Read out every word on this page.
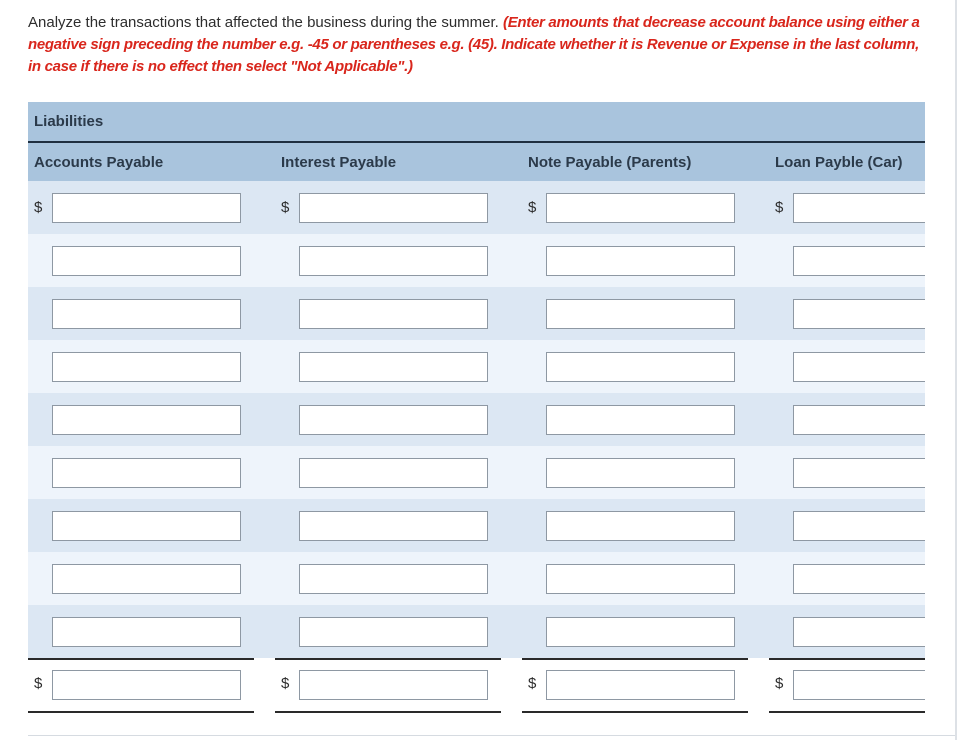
Analyze the transactions that affected the business during the summer. (Enter amounts that decrease account balance using either a negative sign preceding the number e.g. -45 or parentheses e.g. (45). Indicate whether it is Revenue or Expense in the last column, in case if there is no effect then select "Not Applicable".)
Liabilities
Accounts Payable	Interest Payable	Note Payable (Parents)	Loan Payble (Car)
$	$	$	$
$	$	$	$
